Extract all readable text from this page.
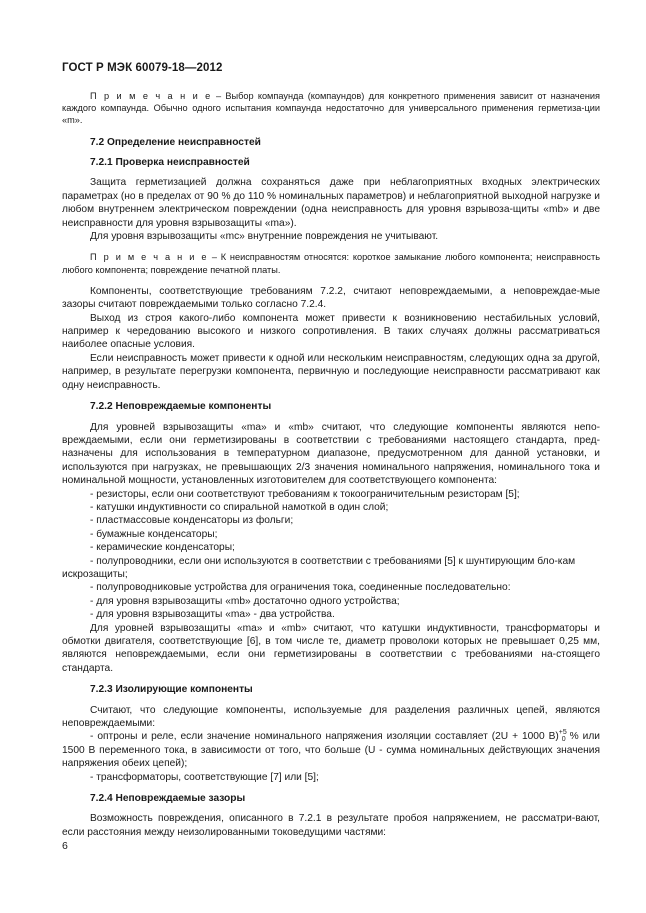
ГОСТ Р МЭК 60079-18—2012

П р и м е ч а н и е – Выбор компаунда (компаундов) для конкретного применения зависит от назначения каждого компаунда. Обычно одного испытания компаунда недостаточно для универсального применения герметиза-ции «m».

7.2 Определение неисправностей

7.2.1 Проверка неисправностей

Защита герметизацией должна сохраняться даже при неблагоприятных входных электрических параметрах (но в пределах от 90 % до 110 % номинальных параметров) и неблагоприятной выходной нагрузке и любом внутреннем электрическом повреждении (одна неисправность для уровня взрывоза-щиты «mb» и две неисправности для уровня взрывозащиты «ma»).

Для уровня взрывозащиты «mc» внутренние повреждения не учитывают.

П р и м е ч а н и е – К неисправностям относятся: короткое замыкание любого компонента; неисправность любого компонента; повреждение печатной платы.

Компоненты, соответствующие требованиям 7.2.2, считают неповреждаемыми, а неповреждае-мые зазоры считают повреждаемыми только согласно 7.2.4.

Выход из строя какого-либо компонента может привести к возникновению нестабильных условий, например к чередованию высокого и низкого сопротивления. В таких случаях должны рассматриваться наиболее опасные условия.

Если неисправность может привести к одной или нескольким неисправностям, следующих одна за другой, например, в результате перегрузки компонента, первичную и последующие неисправности рассматривают как одну неисправность.

7.2.2 Неповреждаемые компоненты

Для уровней взрывозащиты «ma» и «mb» считают, что следующие компоненты являются непо-вреждаемыми, если они герметизированы в соответствии с требованиями настоящего стандарта, пред-назначены для использования в температурном диапазоне, предусмотренном для данной установки, и используются при нагрузках, не превышающих 2/3 значения номинального напряжения, номинального тока и номинальной мощности, установленных изготовителем для соответствующего компонента:

- резисторы, если они соответствуют требованиям к токоограничительным резисторам [5];

- катушки индуктивности со спиральной намоткой в один слой;

- пластмассовые конденсаторы из фольги;

- бумажные конденсаторы;

- керамические конденсаторы;

- полупроводники, если они используются в соответствии с требованиями [5] к шунтирующим бло-кам искрозащиты;

- полупроводниковые устройства для ограничения тока, соединенные последовательно:

- для уровня взрывозащиты «mb» достаточно одного устройства;

- для уровня взрывозащиты «ma» - два устройства.

Для уровней взрывозащиты «ma» и «mb» считают, что катушки индуктивности, трансформаторы и обмотки двигателя, соответствующие [6], в том числе те, диаметр проволоки которых не превышает 0,25 мм, являются неповреждаемыми, если они герметизированы в соответствии с требованиями на-стоящего стандарта.

7.2.3 Изолирующие компоненты

Считают, что следующие компоненты, используемые для разделения различных цепей, являются неповреждаемыми:

- оптроны и реле, если значение номинального напряжения изоляции составляет (2U + 1000 В)$^{+5}_0$ % или 1500 В переменного тока, в зависимости от того, что больше (U - сумма номинальных действующих значения напряжения обеих цепей);

- трансформаторы, соответствующие [7] или [5];

7.2.4 Неповреждаемые зазоры

Возможность повреждения, описанного в 7.2.1 в результате пробоя напряжением, не рассматри-вают, если расстояния между неизолированными токоведущими частями:

6
